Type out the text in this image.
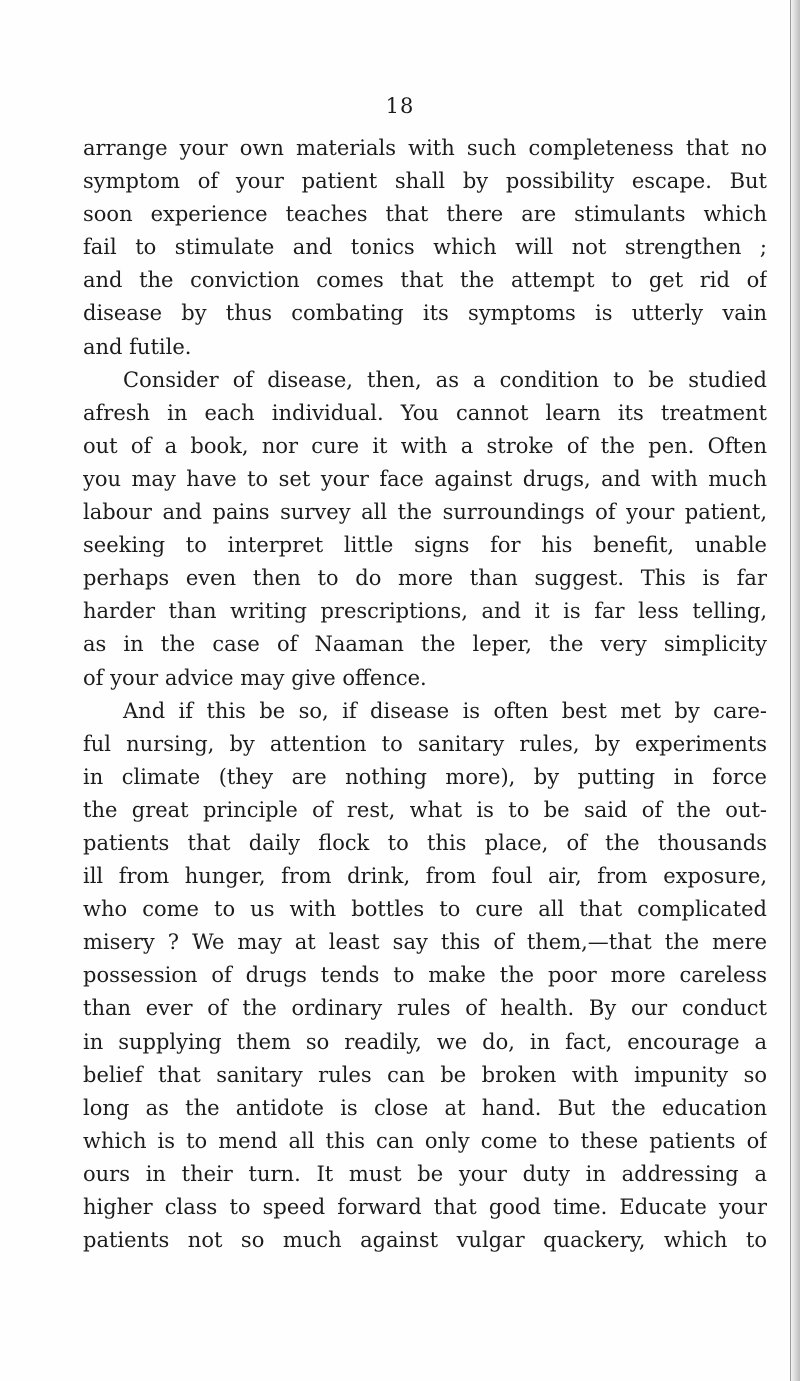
18
arrange your own materials with such completeness that no
symptom of your patient shall by possibility escape. But
soon experience teaches that there are stimulants which
fail to stimulate and tonics which will not strengthen ;
and the conviction comes that the attempt to get rid of
disease by thus combating its symptoms is utterly vain
and futile.
Consider of disease, then, as a condition to be studied
afresh in each individual. You cannot learn its treatment
out of a book, nor cure it with a stroke of the pen. Often
you may have to set your face against drugs, and with much
labour and pains survey all the surroundings of your patient,
seeking to interpret little signs for his benefit, unable
perhaps even then to do more than suggest. This is far
harder than writing prescriptions, and it is far less telling,
as in the case of Naaman the leper, the very simplicity
of your advice may give offence.
And if this be so, if disease is often best met by care-
ful nursing, by attention to sanitary rules, by experiments
in climate (they are nothing more), by putting in force
the great principle of rest, what is to be said of the out-
patients that daily flock to this place, of the thousands
ill from hunger, from drink, from foul air, from exposure,
who come to us with bottles to cure all that complicated
misery ? We may at least say this of them,—that the mere
possession of drugs tends to make the poor more careless
than ever of the ordinary rules of health. By our conduct
in supplying them so readily, we do, in fact, encourage a
belief that sanitary rules can be broken with impunity so
long as the antidote is close at hand. But the education
which is to mend all this can only come to these patients of
ours in their turn. It must be your duty in addressing a
higher class to speed forward that good time. Educate your
patients not so much against vulgar quackery, which to
